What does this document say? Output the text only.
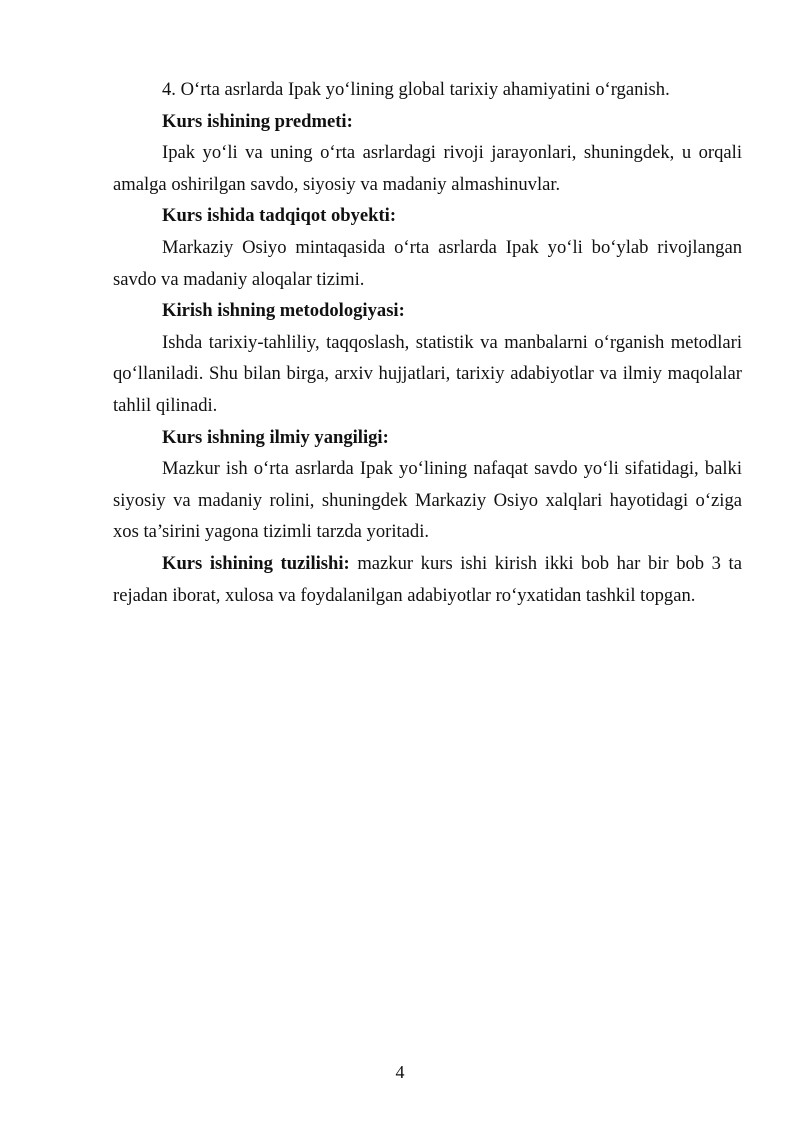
4. O‘rta asrlarda Ipak yo‘lining global tarixiy ahamiyatini o‘rganish.

Kurs ishining predmeti:

Ipak yo‘li va uning o‘rta asrlardagi rivoji jarayonlari, shuningdek, u orqali amalga oshirilgan savdo, siyosiy va madaniy almashinuvlar.

Kurs ishida tadqiqot obyekti:

Markaziy Osiyo mintaqasida o‘rta asrlarda Ipak yo‘li bo‘ylab rivojlangan savdo va madaniy aloqalar tizimi.

Kirish ishning metodologiyasi:

Ishda tarixiy-tahliliy, taqqoslash, statistik va manbalarni o‘rganish metodlari qo‘llaniladi. Shu bilan birga, arxiv hujjatlari, tarixiy adabiyotlar va ilmiy maqolalar tahlil qilinadi.

Kurs ishning ilmiy yangiligi:

Mazkur ish o‘rta asrlarda Ipak yo‘lining nafaqat savdo yo‘li sifatidagi, balki siyosiy va madaniy rolini, shuningdek Markaziy Osiyo xalqlari hayotidagi o‘ziga xos ta’sirini yagona tizimli tarzda yoritadi.

Kurs ishining tuzilishi: mazkur kurs ishi kirish ikki bob har bir bob 3 ta rejadan iborat, xulosa va foydalanilgan adabiyotlar ro‘yxatidan tashkil topgan.

4
